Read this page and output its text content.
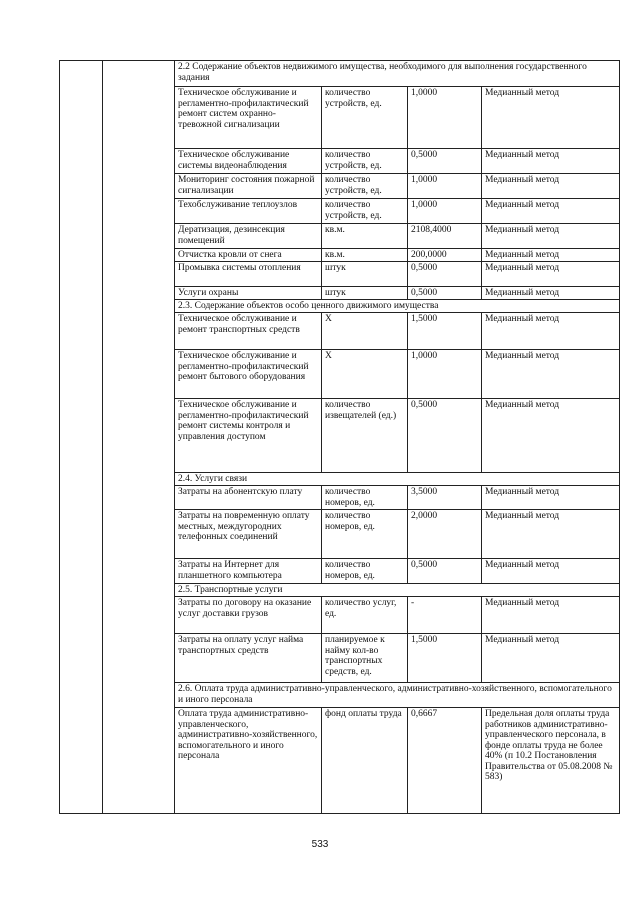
		2.2 Содержание объектов недвижимого имущества, необходимого для выполнения государственного задания			
		Техническое обслуживание и регламентно-профилактический ремонт систем охранно-тревожной сигнализации	количество устройств, ед.	1,0000	Медианный метод
		Техническое обслуживание системы видеонаблюдения	количество устройств, ед.	0,5000	Медианный метод
		Мониторинг состояния пожарной сигнализации	количество устройств, ед.	1,0000	Медианный метод
		Техобслуживание теплоузлов	количество устройств, ед.	1,0000	Медианный метод
		Дератизация, дезинсекция помещений	кв.м.	2108,4000	Медианный метод
		Отчистка кровли от снега	кв.м.	200,0000	Медианный метод
		Промывка системы отопления	штук	0,5000	Медианный метод
		Услуги охраны	штук	0,5000	Медианный метод
		2.3. Содержание объектов особо ценного движимого имущества			
		Техническое обслуживание и ремонт транспортных средств	X	1,5000	Медианный метод
		Техническое обслуживание и регламентно-профилактический ремонт бытового оборудования	X	1,0000	Медианный метод
		Техническое обслуживание и регламентно-профилактический ремонт системы контроля и управления доступом	количество извещателей (ед.)	0,5000	Медианный метод
		2.4. Услуги связи			
		Затраты на абонентскую плату	количество номеров, ед.	3,5000	Медианный метод
		Затраты на повременную оплату местных, междугородних телефонных соединений	количество номеров, ед.	2,0000	Медианный метод
		Затраты на Интернет для планшетного компьютера	количество номеров, ед.	0,5000	Медианный метод
		2.5. Транспортные услуги			
		Затраты по договору на оказание услуг доставки грузов	количество услуг, ед.	-	Медианный метод
		Затраты на оплату услуг найма транспортных средств	планируемое к найму кол-во транспортных средств, ед.	1,5000	Медианный метод
		2.6. Оплата труда административно-управленческого, административно-хозяйственного, вспомогательного и иного персонала			
		Оплата труда административно-управленческого, административно-хозяйственного, вспомогательного и иного персонала	фонд оплаты труда	0,6667	Предельная доля оплаты труда работников административно-управленческого персонала, в фонде оплаты труда не более 40% (п 10.2 Постановления Правительства от 05.08.2008 № 583)
533
